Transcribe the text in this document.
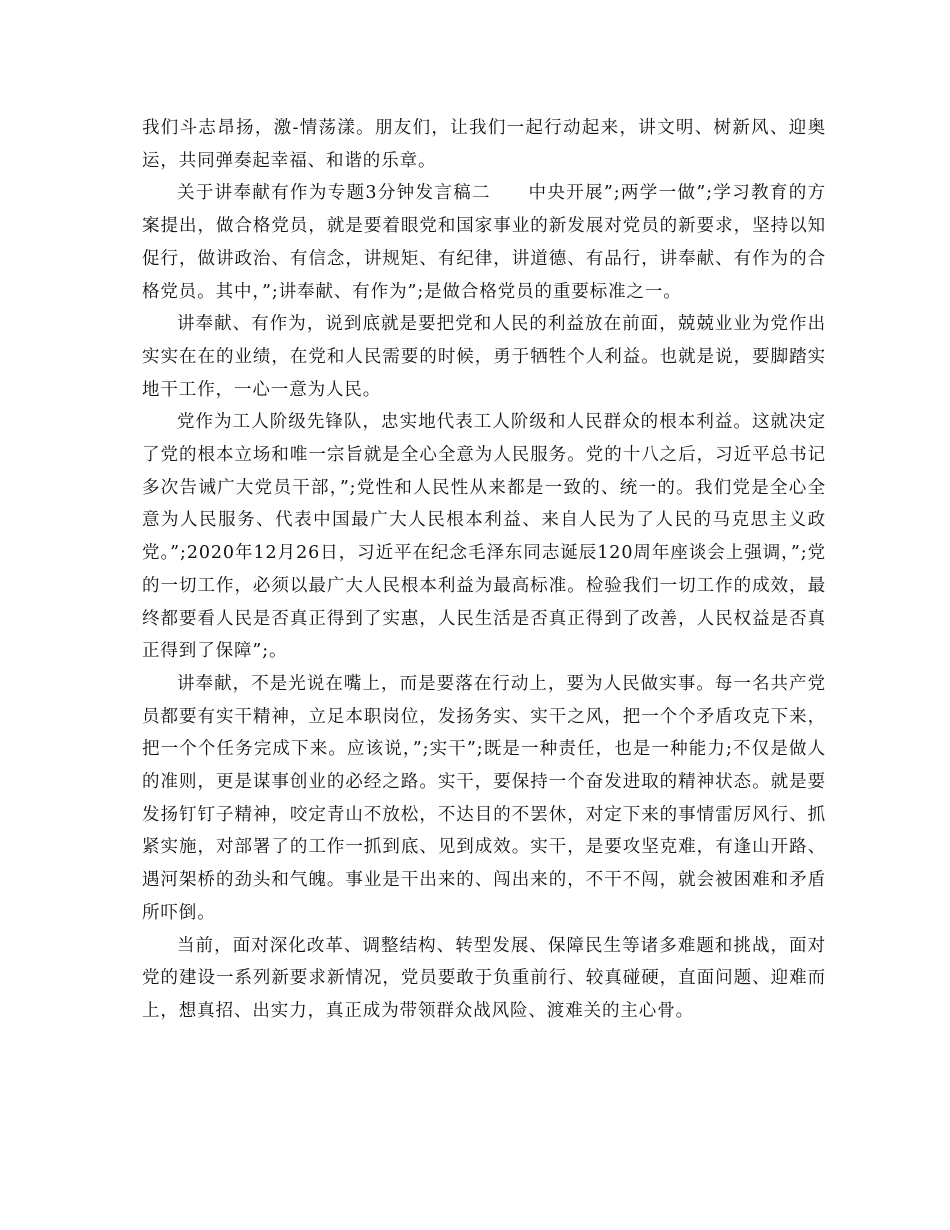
我们斗志昂扬，激-情荡漾。朋友们，让我们一起行动起来，讲文明、树新风、迎奥运，共同弹奏起幸福、和谐的乐章。

关于讲奉献有作为专题3分钟发言稿二　　中央开展”;两学一做”;学习教育的方案提出，做合格党员，就是要着眼党和国家事业的新发展对党员的新要求，坚持以知促行，做讲政治、有信念，讲规矩、有纪律，讲道德、有品行，讲奉献、有作为的合格党员。其中，”;讲奉献、有作为”;是做合格党员的重要标准之一。

讲奉献、有作为，说到底就是要把党和人民的利益放在前面，兢兢业业为党作出实实在在的业绩，在党和人民需要的时候，勇于牺牲个人利益。也就是说，要脚踏实地干工作，一心一意为人民。

党作为工人阶级先锋队，忠实地代表工人阶级和人民群众的根本利益。这就决定了党的根本立场和唯一宗旨就是全心全意为人民服务。党的十八之后，习近平总书记多次告诫广大党员干部，”;党性和人民性从来都是一致的、统一的。我们党是全心全意为人民服务、代表中国最广大人民根本利益、来自人民为了人民的马克思主义政党。”;2020年12月26日，习近平在纪念毛泽东同志诞辰120周年座谈会上强调，”;党的一切工作，必须以最广大人民根本利益为最高标准。检验我们一切工作的成效，最终都要看人民是否真正得到了实惠，人民生活是否真正得到了改善，人民权益是否真正得到了保障”;。

讲奉献，不是光说在嘴上，而是要落在行动上，要为人民做实事。每一名共产党员都要有实干精神，立足本职岗位，发扬务实、实干之风，把一个个矛盾攻克下来，把一个个任务完成下来。应该说，”;实干”;既是一种责任，也是一种能力;不仅是做人的准则，更是谋事创业的必经之路。实干，要保持一个奋发进取的精神状态。就是要发扬钉钉子精神，咬定青山不放松，不达目的不罢休，对定下来的事情雷厉风行、抓紧实施，对部署了的工作一抓到底、见到成效。实干，是要攻坚克难，有逢山开路、遇河架桥的劲头和气魄。事业是干出来的、闯出来的，不干不闯，就会被困难和矛盾所吓倒。

当前，面对深化改革、调整结构、转型发展、保障民生等诸多难题和挑战，面对党的建设一系列新要求新情况，党员要敢于负重前行、较真碰硬，直面问题、迎难而上，想真招、出实力，真正成为带领群众战风险、渡难关的主心骨。
